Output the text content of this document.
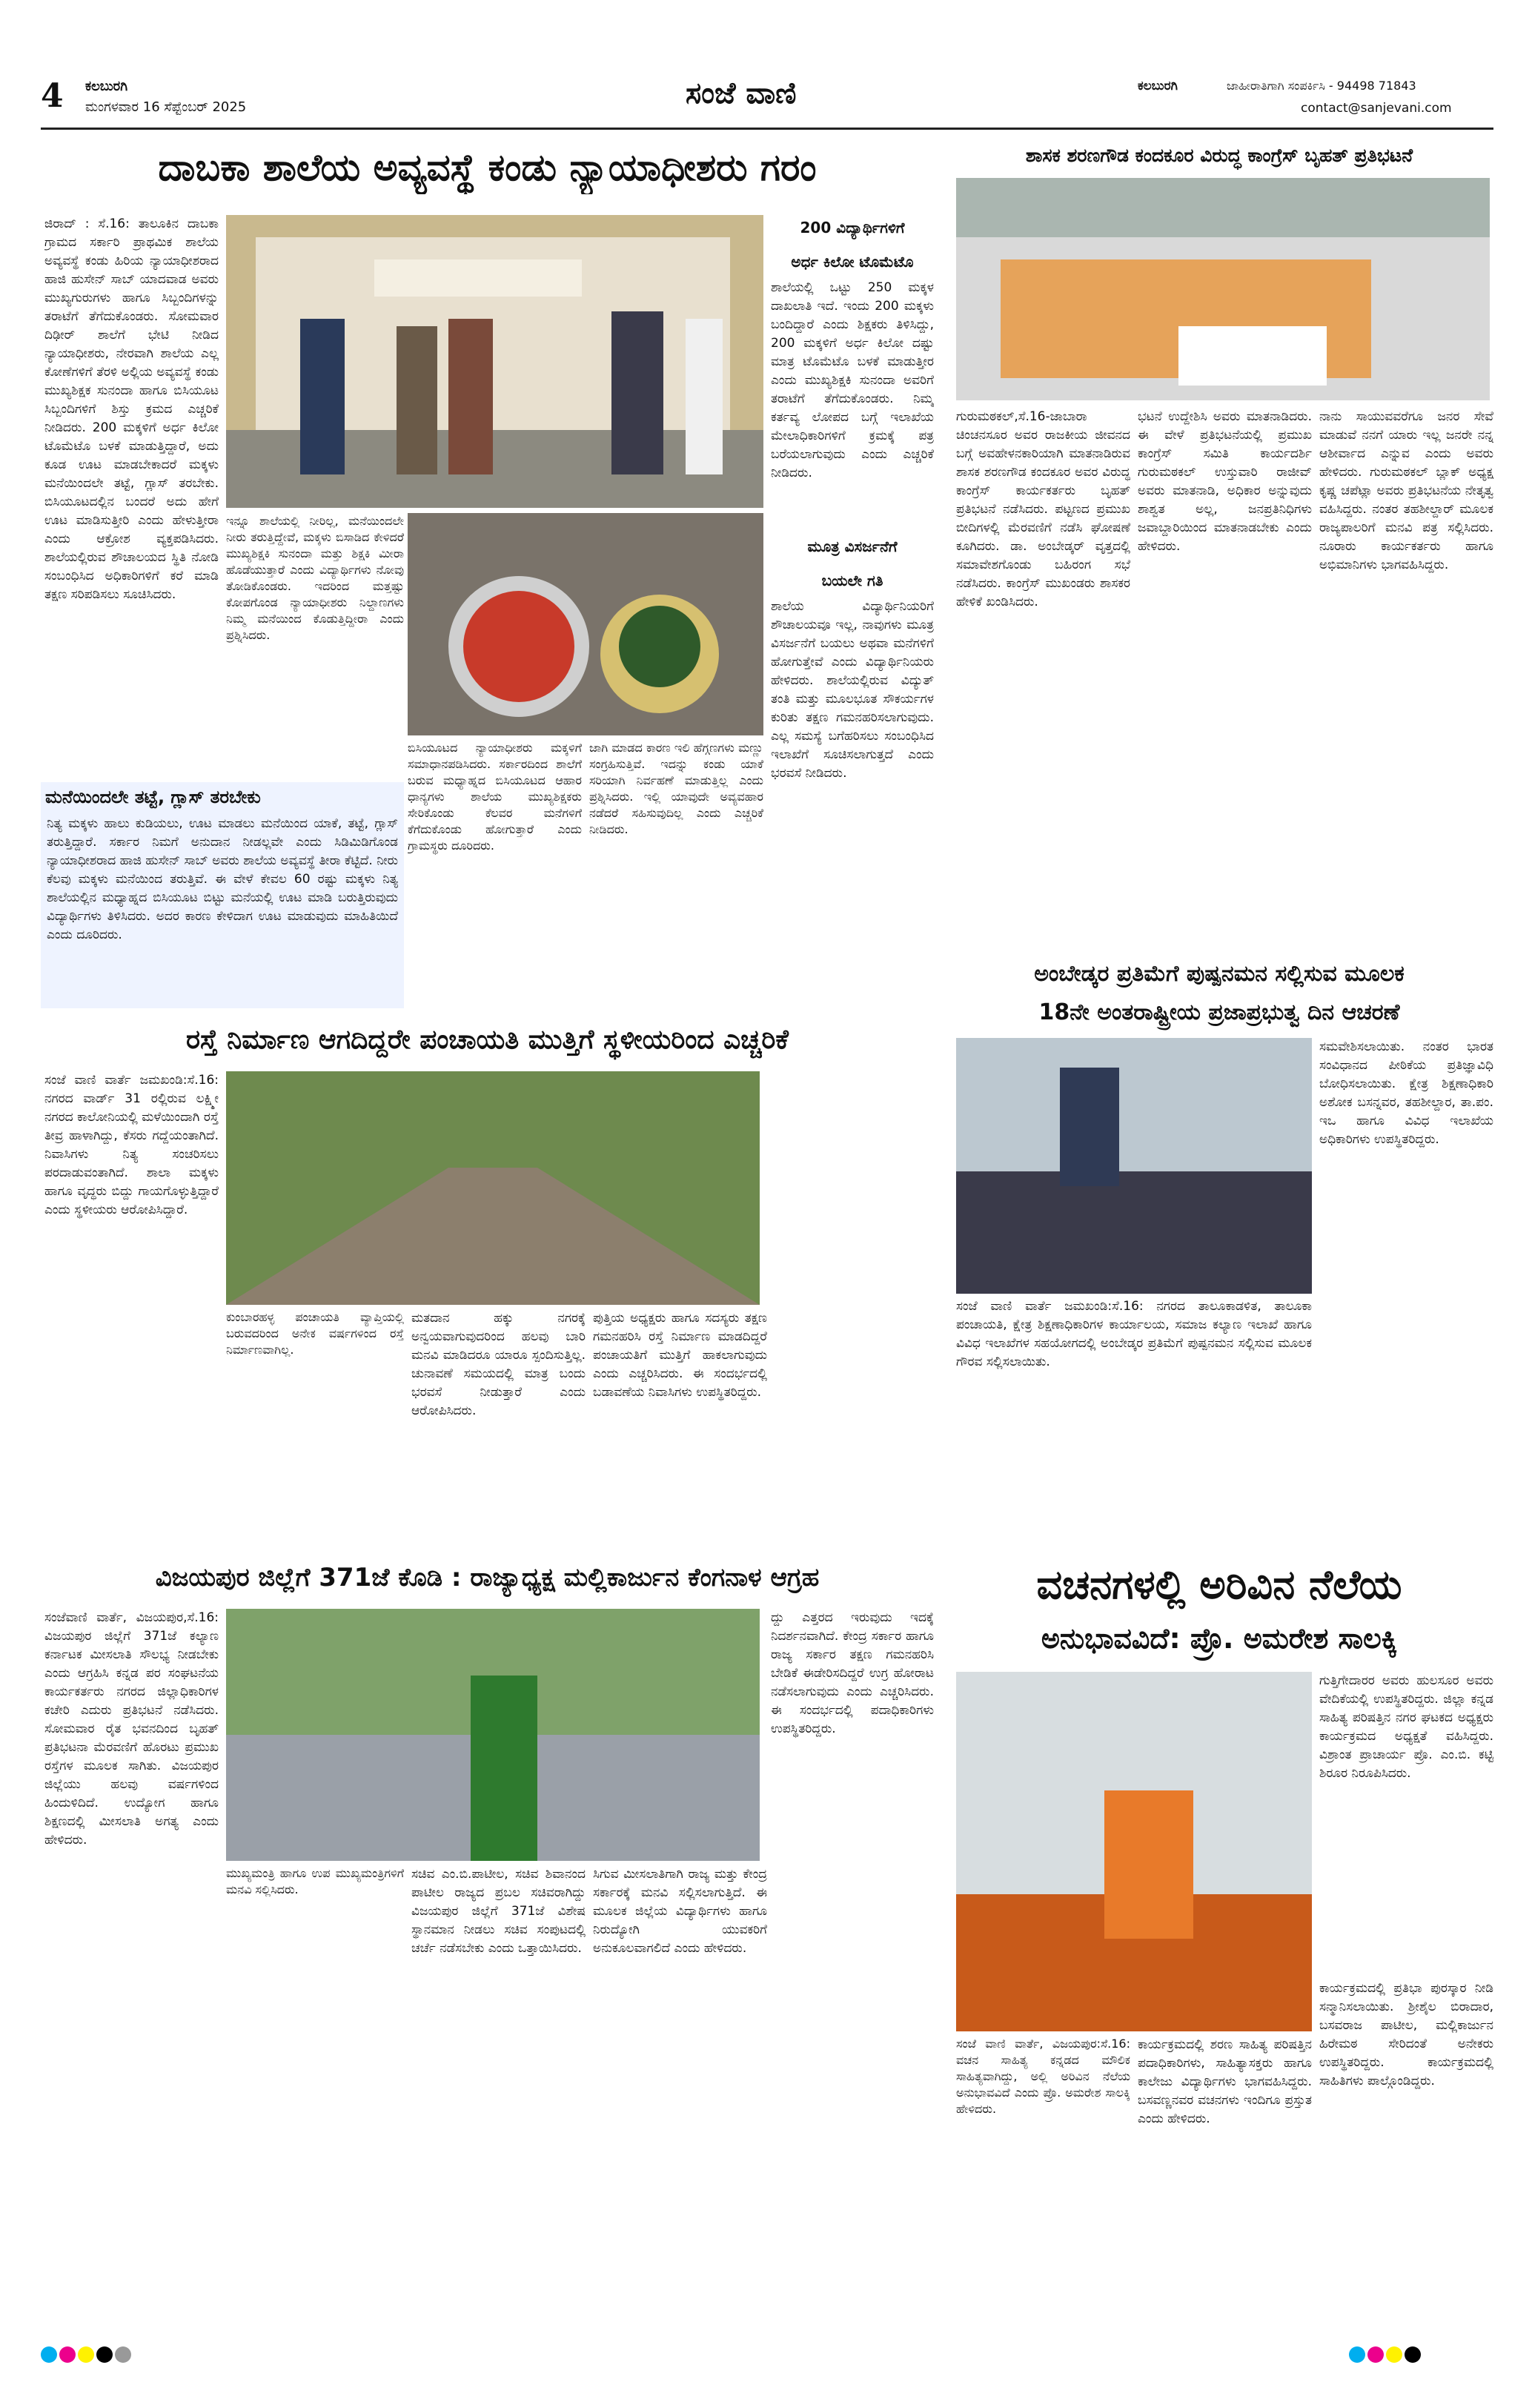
4 ಕಲಬುರಗಿ
ಮಂಗಳವಾರ 16 ಸೆಪ್ಟೆಂಬರ್ 2025	ಸಂಜೆ ವಾಣಿ	ಕಲಬುರಗಿ	ಜಾಹೀರಾತಿಗಾಗಿ ಸಂಪರ್ಕಿಸಿ - 94498 71843
contact@sanjevani.com
ದಾಬಕಾ ಶಾಲೆಯ ಅವ್ಯವಸ್ಥೆ ಕಂಡು ನ್ಯಾಯಾಧೀಶರು ಗರಂ
ಜಿರಾದ್ : ಸೆ.16: ತಾಲೂಕಿನ ದಾಬಕಾ ಗ್ರಾಮದ ಸರ್ಕಾರಿ ಪ್ರಾಥಮಿಕ ಶಾಲೆಯ ಅವ್ಯವಸ್ಥೆ ಕಂಡು ಹಿರಿಯ ನ್ಯಾಯಾಧೀಶರಾದ ಹಾಜಿ ಹುಸೇನ್ ಸಾಬ್ ಯಾದವಾಡ ಅವರು ಮುಖ್ಯಗುರುಗಳು ಹಾಗೂ ಸಿಬ್ಬಂದಿಗಳನ್ನು ತರಾಟೆಗೆ ತೆಗೆದುಕೊಂಡರು. ಸೋಮವಾರ ದಿಢೀರ್ ಶಾಲೆಗೆ ಭೇಟಿ ನೀಡಿದ ನ್ಯಾಯಾಧೀಶರು, ನೇರವಾಗಿ ಶಾಲೆಯ ಎಲ್ಲ ಕೋಣೆಗಳಿಗೆ ತೆರಳಿ ಅಲ್ಲಿಯ ಅವ್ಯವಸ್ಥೆ ಕಂಡು ಮುಖ್ಯಶಿಕ್ಷಕ ಸುನಂದಾ ಹಾಗೂ ಬಿಸಿಯೂಟ ಸಿಬ್ಬಂದಿಗಳಿಗೆ ಶಿಸ್ತು ಕ್ರಮದ ಎಚ್ಚರಿಕೆ ನೀಡಿದರು. 200 ಮಕ್ಕಳಿಗೆ ಅರ್ಧ ಕಿಲೋ ಟೊಮೆಟೊ ಬಳಕೆ ಮಾಡುತ್ತಿದ್ದಾರೆ, ಅದು ಕೂಡ ಊಟ ಮಾಡಬೇಕಾದರೆ ಮಕ್ಕಳು ಮನೆಯಿಂದಲೇ ತಟ್ಟೆ, ಗ್ಲಾಸ್ ತರಬೇಕು. ಬಿಸಿಯೂಟದಲ್ಲಿನ ಬಂದರೆ ಅದು ಹೇಗೆ ಊಟ ಮಾಡಿಸುತ್ತೀರಿ ಎಂದು ಹೇಳುತ್ತೀರಾ ಎಂದು ಆಕ್ರೋಶ ವ್ಯಕ್ತಪಡಿಸಿದರು. ಶಾಲೆಯಲ್ಲಿರುವ ಶೌಚಾಲಯದ ಸ್ಥಿತಿ ನೋಡಿ ಸಂಬಂಧಿಸಿದ ಅಧಿಕಾರಿಗಳಿಗೆ ಕರೆ ಮಾಡಿ ತಕ್ಷಣ ಸರಿಪಡಿಸಲು ಸೂಚಿಸಿದರು.
ಇನ್ನೂ ಶಾಲೆಯಲ್ಲಿ ನೀರಿಲ್ಲ, ಮನೆಯಿಂದಲೇ ನೀರು ತರುತ್ತಿದ್ದೇವೆ, ಮಕ್ಕಳು ಬಿಸಾಡಿದ ಕೇಳಿದರೆ ಮುಖ್ಯಶಿಕ್ಷಕಿ ಸುನಂದಾ ಮತ್ತು ಶಿಕ್ಷಕಿ ಮೀರಾ ಹೊಡೆಯುತ್ತಾರೆ ಎಂದು ವಿದ್ಯಾರ್ಥಿಗಳು ನೋವು ತೋಡಿಕೊಂಡರು. ಇದರಿಂದ ಮತ್ತಷ್ಟು ಕೋಪಗೊಂಡ ನ್ಯಾಯಾಧೀಶರು ನಿಲ್ದಾಣಗಳು ನಿಮ್ಮ ಮನೆಯಿಂದ ಕೊಡುತ್ತಿದ್ದೀರಾ ಎಂದು ಪ್ರಶ್ನಿಸಿದರು.
ಬಿಸಿಯೂಟದ ನ್ಯಾಯಾಧೀಶರು ಮಕ್ಕಳಿಗೆ ಸಮಾಧಾನಪಡಿಸಿದರು. ಸರ್ಕಾರದಿಂದ ಶಾಲೆಗೆ ಬರುವ ಮಧ್ಯಾಹ್ನದ ಬಿಸಿಯೂಟದ ಆಹಾರ ಧಾನ್ಯಗಳು ಶಾಲೆಯ ಮುಖ್ಯಶಿಕ್ಷಕರು ಸೇರಿಕೊಂಡು ಕೆಲವರ ಮನೆಗಳಿಗೆ ಕೆಗೆದುಕೊಂಡು ಹೋಗುತ್ತಾರೆ ಎಂದು ಗ್ರಾಮಸ್ಥರು ದೂರಿದರು.
ಜಾಗಿ ಮಾಡದ ಕಾರಣ ಇಲಿ ಹೆಗ್ಗಣಗಳು ಮಣ್ಣು ಸಂಗ್ರಹಿಸುತ್ತಿವೆ. ಇದನ್ನು ಕಂಡು ಯಾಕೆ ಸರಿಯಾಗಿ ನಿರ್ವಹಣೆ ಮಾಡುತ್ತಿಲ್ಲ ಎಂದು ಪ್ರಶ್ನಿಸಿದರು. ಇಲ್ಲಿ ಯಾವುದೇ ಅವ್ಯವಹಾರ ನಡೆದರೆ ಸಹಿಸುವುದಿಲ್ಲ ಎಂದು ಎಚ್ಚರಿಕೆ ನೀಡಿದರು.
200 ವಿದ್ಯಾರ್ಥಿಗಳಿಗೆ
ಅರ್ಧ ಕಿಲೋ ಟೊಮೆಟೊ
ಶಾಲೆಯಲ್ಲಿ ಒಟ್ಟು 250 ಮಕ್ಕಳ ದಾಖಲಾತಿ ಇದೆ. ಇಂದು 200 ಮಕ್ಕಳು ಬಂದಿದ್ದಾರೆ ಎಂದು ಶಿಕ್ಷಕರು ತಿಳಿಸಿದ್ದು, 200 ಮಕ್ಕಳಿಗೆ ಅರ್ಧ ಕಿಲೋ ದಷ್ಟು ಮಾತ್ರ ಟೊಮೆಟೊ ಬಳಕೆ ಮಾಡುತ್ತೀರ ಎಂದು ಮುಖ್ಯಶಿಕ್ಷಕಿ ಸುನಂದಾ ಅವರಿಗೆ ತರಾಟೆಗೆ ತೆಗೆದುಕೊಂಡರು. ನಿಮ್ಮ ಕರ್ತವ್ಯ ಲೋಪದ ಬಗ್ಗೆ ಇಲಾಖೆಯ ಮೇಲಾಧಿಕಾರಿಗಳಿಗೆ ಕ್ರಮಕ್ಕೆ ಪತ್ರ ಬರೆಯಲಾಗುವುದು ಎಂದು ಎಚ್ಚರಿಕೆ ನೀಡಿದರು.
ಮೂತ್ರ ವಿಸರ್ಜನೆಗೆ
ಬಯಲೇ ಗತಿ
ಶಾಲೆಯ ವಿದ್ಯಾರ್ಥಿನಿಯರಿಗೆ ಶೌಚಾಲಯವೂ ಇಲ್ಲ, ನಾವುಗಳು ಮೂತ್ರ ವಿಸರ್ಜನೆಗೆ ಬಯಲು ಅಥವಾ ಮನೆಗಳಿಗೆ ಹೋಗುತ್ತೇವೆ ಎಂದು ವಿದ್ಯಾರ್ಥಿನಿಯರು ಹೇಳಿದರು. ಶಾಲೆಯಲ್ಲಿರುವ ವಿದ್ಯುತ್ ತಂತಿ ಮತ್ತು ಮೂಲಭೂತ ಸೌಕರ್ಯಗಳ ಕುರಿತು ತಕ್ಷಣ ಗಮನಹರಿಸಲಾಗುವುದು. ಎಲ್ಲ ಸಮಸ್ಯೆ ಬಗೆಹರಿಸಲು ಸಂಬಂಧಿಸಿದ ಇಲಾಖೆಗೆ ಸೂಚಿಸಲಾಗುತ್ತದೆ ಎಂದು ಭರವಸೆ ನೀಡಿದರು.
ಮನೆಯಿಂದಲೇ ತಟ್ಟೆ, ಗ್ಲಾಸ್ ತರಬೇಕು
ನಿತ್ಯ ಮಕ್ಕಳು ಹಾಲು ಕುಡಿಯಲು, ಊಟ ಮಾಡಲು ಮನೆಯಿಂದ ಯಾಕೆ, ತಟ್ಟೆ, ಗ್ಲಾಸ್ ತರುತ್ತಿದ್ದಾರೆ. ಸರ್ಕಾರ ನಿಮಗೆ ಅನುದಾನ ನೀಡಲ್ಲವೇ ಎಂದು ಸಿಡಿಮಿಡಿಗೊಂಡ ನ್ಯಾಯಾಧೀಶರಾದ ಹಾಜಿ ಹುಸೇನ್ ಸಾಬ್ ಅವರು ಶಾಲೆಯ ಅವ್ಯವಸ್ಥೆ ತೀರಾ ಕೆಟ್ಟಿದೆ. ನೀರು ಕೆಲವು ಮಕ್ಕಳು ಮನೆಯಿಂದ ತರುತ್ತಿವೆ. ಈ ವೇಳೆ ಕೇವಲ 60 ರಷ್ಟು ಮಕ್ಕಳು ನಿತ್ಯ ಶಾಲೆಯಲ್ಲಿನ ಮಧ್ಯಾಹ್ನದ ಬಿಸಿಯೂಟ ಬಿಟ್ಟು ಮನೆಯಲ್ಲಿ ಊಟ ಮಾಡಿ ಬರುತ್ತಿರುವುದು ವಿದ್ಯಾರ್ಥಿಗಳು ತಿಳಿಸಿದರು. ಅದರ ಕಾರಣ ಕೇಳಿದಾಗ ಊಟ ಮಾಡುವುದು ಮಾಹಿತಿಯಿದೆ ಎಂದು ದೂರಿದರು.
ಶಾಸಕ ಶರಣಗೌಡ ಕಂದಕೂರ ವಿರುದ್ಧ ಕಾಂಗ್ರೆಸ್ ಬೃಹತ್ ಪ್ರತಿಭಟನೆ
ಗುರುಮಠಕಲ್,ಸೆ.16-ಜಾಬಾರಾ ಚಿಂಚನಸೂರ ಅವರ ರಾಜಕೀಯ ಜೀವನದ ಬಗ್ಗೆ ಅವಹೇಳನಕಾರಿಯಾಗಿ ಮಾತನಾಡಿರುವ ಶಾಸಕ ಶರಣಗೌಡ ಕಂದಕೂರ ಅವರ ವಿರುದ್ಧ ಕಾಂಗ್ರೆಸ್ ಕಾರ್ಯಕರ್ತರು ಬೃಹತ್ ಪ್ರತಿಭಟನೆ ನಡೆಸಿದರು. ಪಟ್ಟಣದ ಪ್ರಮುಖ ಬೀದಿಗಳಲ್ಲಿ ಮೆರವಣಿಗೆ ನಡೆಸಿ ಘೋಷಣೆ ಕೂಗಿದರು. ಡಾ. ಅಂಬೇಡ್ಕರ್ ವೃತ್ತದಲ್ಲಿ ಸಮಾವೇಶಗೊಂಡು ಬಹಿರಂಗ ಸಭೆ ನಡೆಸಿದರು. ಕಾಂಗ್ರೆಸ್ ಮುಖಂಡರು ಶಾಸಕರ ಹೇಳಿಕೆ ಖಂಡಿಸಿದರು.
ಭಟನೆ ಉದ್ದೇಶಿಸಿ ಅವರು ಮಾತನಾಡಿದರು. ಈ ವೇಳೆ ಪ್ರತಿಭಟನೆಯಲ್ಲಿ ಪ್ರಮುಖ ಕಾಂಗ್ರೆಸ್ ಸಮಿತಿ ಕಾರ್ಯದರ್ಶಿ ಗುರುಮಠಕಲ್ ಉಸ್ತುವಾರಿ ರಾಜೀವ್ ಅವರು ಮಾತನಾಡಿ, ಅಧಿಕಾರ ಅನ್ನುವುದು ಶಾಶ್ವತ ಅಲ್ಲ, ಜನಪ್ರತಿನಿಧಿಗಳು ಜವಾಬ್ದಾರಿಯಿಂದ ಮಾತನಾಡಬೇಕು ಎಂದು ಹೇಳಿದರು.
ನಾನು ಸಾಯುವವರೆಗೂ ಜನರ ಸೇವೆ ಮಾಡುವೆ ನನಗೆ ಯಾರು ಇಲ್ಲ ಜನರೇ ನನ್ನ ಆಶೀರ್ವಾದ ಎನ್ನುವ ಎಂದು ಅವರು ಹೇಳಿದರು. ಗುರುಮಠಕಲ್ ಬ್ಲಾಕ್ ಅಧ್ಯಕ್ಷ ಕೃಷ್ಣ ಚಪೆಟ್ಲಾ ಅವರು ಪ್ರತಿಭಟನೆಯ ನೇತೃತ್ವ ವಹಿಸಿದ್ದರು. ನಂತರ ತಹಶೀಲ್ದಾರ್ ಮೂಲಕ ರಾಜ್ಯಪಾಲರಿಗೆ ಮನವಿ ಪತ್ರ ಸಲ್ಲಿಸಿದರು. ನೂರಾರು ಕಾರ್ಯಕರ್ತರು ಹಾಗೂ ಅಭಿಮಾನಿಗಳು ಭಾಗವಹಿಸಿದ್ದರು.
ಅಂಬೇಡ್ಕರ ಪ್ರತಿಮೆಗೆ ಪುಷ್ಪನಮನ ಸಲ್ಲಿಸುವ ಮೂಲಕ
18ನೇ ಅಂತರಾಷ್ಟ್ರೀಯ ಪ್ರಜಾಪ್ರಭುತ್ವ ದಿನ ಆಚರಣೆ
ಸಂಜೆ ವಾಣಿ ವಾರ್ತೆ ಜಮಖಂಡಿ:ಸೆ.16: ನಗರದ ತಾಲೂಕಾಡಳಿತ, ತಾಲೂಕಾ ಪಂಚಾಯತಿ, ಕ್ಷೇತ್ರ ಶಿಕ್ಷಣಾಧಿಕಾರಿಗಳ ಕಾರ್ಯಾಲಯ, ಸಮಾಜ ಕಲ್ಯಾಣ ಇಲಾಖೆ ಹಾಗೂ ವಿವಿಧ ಇಲಾಖೆಗಳ ಸಹಯೋಗದಲ್ಲಿ ಅಂಬೇಡ್ಕರ ಪ್ರತಿಮೆಗೆ ಪುಷ್ಪನಮನ ಸಲ್ಲಿಸುವ ಮೂಲಕ ಗೌರವ ಸಲ್ಲಿಸಲಾಯಿತು.
ಸಮವೇಶಿಸಲಾಯಿತು. ನಂತರ ಭಾರತ ಸಂವಿಧಾನದ ಪೀಠಿಕೆಯ ಪ್ರತಿಜ್ಞಾವಿಧಿ ಬೋಧಿಸಲಾಯಿತು. ಕ್ಷೇತ್ರ ಶಿಕ್ಷಣಾಧಿಕಾರಿ ಅಶೋಕ ಬಸನ್ನವರ, ತಹಶೀಲ್ದಾರ, ತಾ.ಪಂ. ಇಒ ಹಾಗೂ ವಿವಿಧ ಇಲಾಖೆಯ ಅಧಿಕಾರಿಗಳು ಉಪಸ್ಥಿತರಿದ್ದರು.
ರಸ್ತೆ ನಿರ್ಮಾಣ ಆಗದಿದ್ದರೇ ಪಂಚಾಯತಿ ಮುತ್ತಿಗೆ ಸ್ಥಳೀಯರಿಂದ ಎಚ್ಚರಿಕೆ
ಸಂಜೆ ವಾಣಿ ವಾರ್ತೆ ಜಮಖಂಡಿ:ಸೆ.16: ನಗರದ ವಾರ್ಡ್ 31 ರಲ್ಲಿರುವ ಲಕ್ಷ್ಮೀ ನಗರದ ಕಾಲೋನಿಯಲ್ಲಿ ಮಳೆಯಿಂದಾಗಿ ರಸ್ತೆ ತೀವ್ರ ಹಾಳಾಗಿದ್ದು, ಕೆಸರು ಗದ್ದೆಯಂತಾಗಿದೆ. ನಿವಾಸಿಗಳು ನಿತ್ಯ ಸಂಚರಿಸಲು ಪರದಾಡುವಂತಾಗಿದೆ. ಶಾಲಾ ಮಕ್ಕಳು ಹಾಗೂ ವೃದ್ಧರು ಬಿದ್ದು ಗಾಯಗೊಳ್ಳುತ್ತಿದ್ದಾರೆ ಎಂದು ಸ್ಥಳೀಯರು ಆರೋಪಿಸಿದ್ದಾರೆ.
ಕುಂಬಾರಹಳ್ಳ ಪಂಚಾಯತಿ ವ್ಯಾಪ್ತಿಯಲ್ಲಿ ಬರುವದರಿಂದ ಅನೇಕ ವರ್ಷಗಳಿಂದ ರಸ್ತೆ ನಿರ್ಮಾಣವಾಗಿಲ್ಲ.
ಮತದಾನ ಹಕ್ಕು ನಗರಕ್ಕೆ ಅನ್ವಯವಾಗುವುದರಿಂದ ಹಲವು ಬಾರಿ ಮನವಿ ಮಾಡಿದರೂ ಯಾರೂ ಸ್ಪಂದಿಸುತ್ತಿಲ್ಲ. ಚುನಾವಣೆ ಸಮಯದಲ್ಲಿ ಮಾತ್ರ ಬಂದು ಭರವಸೆ ನೀಡುತ್ತಾರೆ ಎಂದು ಆರೋಪಿಸಿದರು.
ಪುತ್ತಿಯ ಅಧ್ಯಕ್ಷರು ಹಾಗೂ ಸದಸ್ಯರು ತಕ್ಷಣ ಗಮನಹರಿಸಿ ರಸ್ತೆ ನಿರ್ಮಾಣ ಮಾಡದಿದ್ದರೆ ಪಂಚಾಯತಿಗೆ ಮುತ್ತಿಗೆ ಹಾಕಲಾಗುವುದು ಎಂದು ಎಚ್ಚರಿಸಿದರು. ಈ ಸಂದರ್ಭದಲ್ಲಿ ಬಡಾವಣೆಯ ನಿವಾಸಿಗಳು ಉಪಸ್ಥಿತರಿದ್ದರು.
ವಚನಗಳಲ್ಲಿ ಅರಿವಿನ ನೆಲೆಯ
ಅನುಭಾವವಿದೆ: ಪ್ರೊ. ಅಮರೇಶ ಸಾಲಕ್ಕಿ
ಸಂಜೆ ವಾಣಿ ವಾರ್ತೆ, ವಿಜಯಪುರ:ಸೆ.16: ವಚನ ಸಾಹಿತ್ಯ ಕನ್ನಡದ ಮೌಲಿಕ ಸಾಹಿತ್ಯವಾಗಿದ್ದು, ಅಲ್ಲಿ ಅರಿವಿನ ನೆಲೆಯ ಅನುಭಾವವಿದೆ ಎಂದು ಪ್ರೊ. ಅಮರೇಶ ಸಾಲಕ್ಕಿ ಹೇಳಿದರು.
ಕಾರ್ಯಕ್ರಮದಲ್ಲಿ ಶರಣ ಸಾಹಿತ್ಯ ಪರಿಷತ್ತಿನ ಪದಾಧಿಕಾರಿಗಳು, ಸಾಹಿತ್ಯಾಸಕ್ತರು ಹಾಗೂ ಕಾಲೇಜು ವಿದ್ಯಾರ್ಥಿಗಳು ಭಾಗವಹಿಸಿದ್ದರು. ಬಸವಣ್ಣನವರ ವಚನಗಳು ಇಂದಿಗೂ ಪ್ರಸ್ತುತ ಎಂದು ಹೇಳಿದರು.
ಗುತ್ತಿಗೇದಾರರ ಅವರು ಹುಲಸೂರ ಅವರು ವೇದಿಕೆಯಲ್ಲಿ ಉಪಸ್ಥಿತರಿದ್ದರು. ಜಿಲ್ಲಾ ಕನ್ನಡ ಸಾಹಿತ್ಯ ಪರಿಷತ್ತಿನ ನಗರ ಘಟಕದ ಅಧ್ಯಕ್ಷರು ಕಾರ್ಯಕ್ರಮದ ಅಧ್ಯಕ್ಷತೆ ವಹಿಸಿದ್ದರು. ವಿಶ್ರಾಂತ ಪ್ರಾಚಾರ್ಯ ಪ್ರೊ. ಎಂ.ಬಿ. ಕಟ್ಟಿ ಶಿರೂರ ನಿರೂಪಿಸಿದರು.
ಕಾರ್ಯಕ್ರಮದಲ್ಲಿ ಪ್ರತಿಭಾ ಪುರಸ್ಕಾರ ನೀಡಿ ಸನ್ಮಾನಿಸಲಾಯಿತು. ಶ್ರೀಶೈಲ ಬಿರಾದಾರ, ಬಸವರಾಜ ಪಾಟೀಲ, ಮಲ್ಲಿಕಾರ್ಜುನ ಹಿರೇಮಠ ಸೇರಿದಂತೆ ಅನೇಕರು ಉಪಸ್ಥಿತರಿದ್ದರು. ಕಾರ್ಯಕ್ರಮದಲ್ಲಿ ಸಾಹಿತಿಗಳು ಪಾಲ್ಗೊಂಡಿದ್ದರು.
ವಿಜಯಪುರ ಜಿಲ್ಲೆಗೆ 371ಜೆ ಕೊಡಿ : ರಾಜ್ಯಾಧ್ಯಕ್ಷ ಮಲ್ಲಿಕಾರ್ಜುನ ಕೆಂಗನಾಳ ಆಗ್ರಹ
ಸಂಜೆವಾಣಿ ವಾರ್ತೆ, ವಿಜಯಪುರ,ಸೆ.16: ವಿಜಯಪುರ ಜಿಲ್ಲೆಗೆ 371ಜೆ ಕಲ್ಯಾಣ ಕರ್ನಾಟಕ ಮೀಸಲಾತಿ ಸೌಲಭ್ಯ ನೀಡಬೇಕು ಎಂದು ಆಗ್ರಹಿಸಿ ಕನ್ನಡ ಪರ ಸಂಘಟನೆಯ ಕಾರ್ಯಕರ್ತರು ನಗರದ ಜಿಲ್ಲಾಧಿಕಾರಿಗಳ ಕಚೇರಿ ಎದುರು ಪ್ರತಿಭಟನೆ ನಡೆಸಿದರು. ಸೋಮವಾರ ರೈತ ಭವನದಿಂದ ಬೃಹತ್ ಪ್ರತಿಭಟನಾ ಮೆರವಣಿಗೆ ಹೊರಟು ಪ್ರಮುಖ ರಸ್ತೆಗಳ ಮೂಲಕ ಸಾಗಿತು. ವಿಜಯಪುರ ಜಿಲ್ಲೆಯು ಹಲವು ವರ್ಷಗಳಿಂದ ಹಿಂದುಳಿದಿದೆ. ಉದ್ಯೋಗ ಹಾಗೂ ಶಿಕ್ಷಣದಲ್ಲಿ ಮೀಸಲಾತಿ ಅಗತ್ಯ ಎಂದು ಹೇಳಿದರು.
ಮುಖ್ಯಮಂತ್ರಿ ಹಾಗೂ ಉಪ ಮುಖ್ಯಮಂತ್ರಿಗಳಿಗೆ ಮನವಿ ಸಲ್ಲಿಸಿದರು.
ಸಚಿವ ಎಂ.ಬಿ.ಪಾಟೀಲ, ಸಚಿವ ಶಿವಾನಂದ ಪಾಟೀಲ ರಾಜ್ಯದ ಪ್ರಬಲ ಸಚಿವರಾಗಿದ್ದು ವಿಜಯಪುರ ಜಿಲ್ಲೆಗೆ 371ಜೆ ವಿಶೇಷ ಸ್ಥಾನಮಾನ ನೀಡಲು ಸಚಿವ ಸಂಪುಟದಲ್ಲಿ ಚರ್ಚೆ ನಡೆಸಬೇಕು ಎಂದು ಒತ್ತಾಯಿಸಿದರು.
ಸಿಗುವ ಮೀಸಲಾತಿಗಾಗಿ ರಾಜ್ಯ ಮತ್ತು ಕೇಂದ್ರ ಸರ್ಕಾರಕ್ಕೆ ಮನವಿ ಸಲ್ಲಿಸಲಾಗುತ್ತಿದೆ. ಈ ಮೂಲಕ ಜಿಲ್ಲೆಯ ವಿದ್ಯಾರ್ಥಿಗಳು ಹಾಗೂ ನಿರುದ್ಯೋಗಿ ಯುವಕರಿಗೆ ಅನುಕೂಲವಾಗಲಿದೆ ಎಂದು ಹೇಳಿದರು.
ದ್ದು ಎತ್ತರದ ಇರುವುದು ಇದಕ್ಕೆ ನಿದರ್ಶನವಾಗಿದೆ. ಕೇಂದ್ರ ಸರ್ಕಾರ ಹಾಗೂ ರಾಜ್ಯ ಸರ್ಕಾರ ತಕ್ಷಣ ಗಮನಹರಿಸಿ ಬೇಡಿಕೆ ಈಡೇರಿಸದಿದ್ದರೆ ಉಗ್ರ ಹೋರಾಟ ನಡೆಸಲಾಗುವುದು ಎಂದು ಎಚ್ಚರಿಸಿದರು. ಈ ಸಂದರ್ಭದಲ್ಲಿ ಪದಾಧಿಕಾರಿಗಳು ಉಪಸ್ಥಿತರಿದ್ದರು.
